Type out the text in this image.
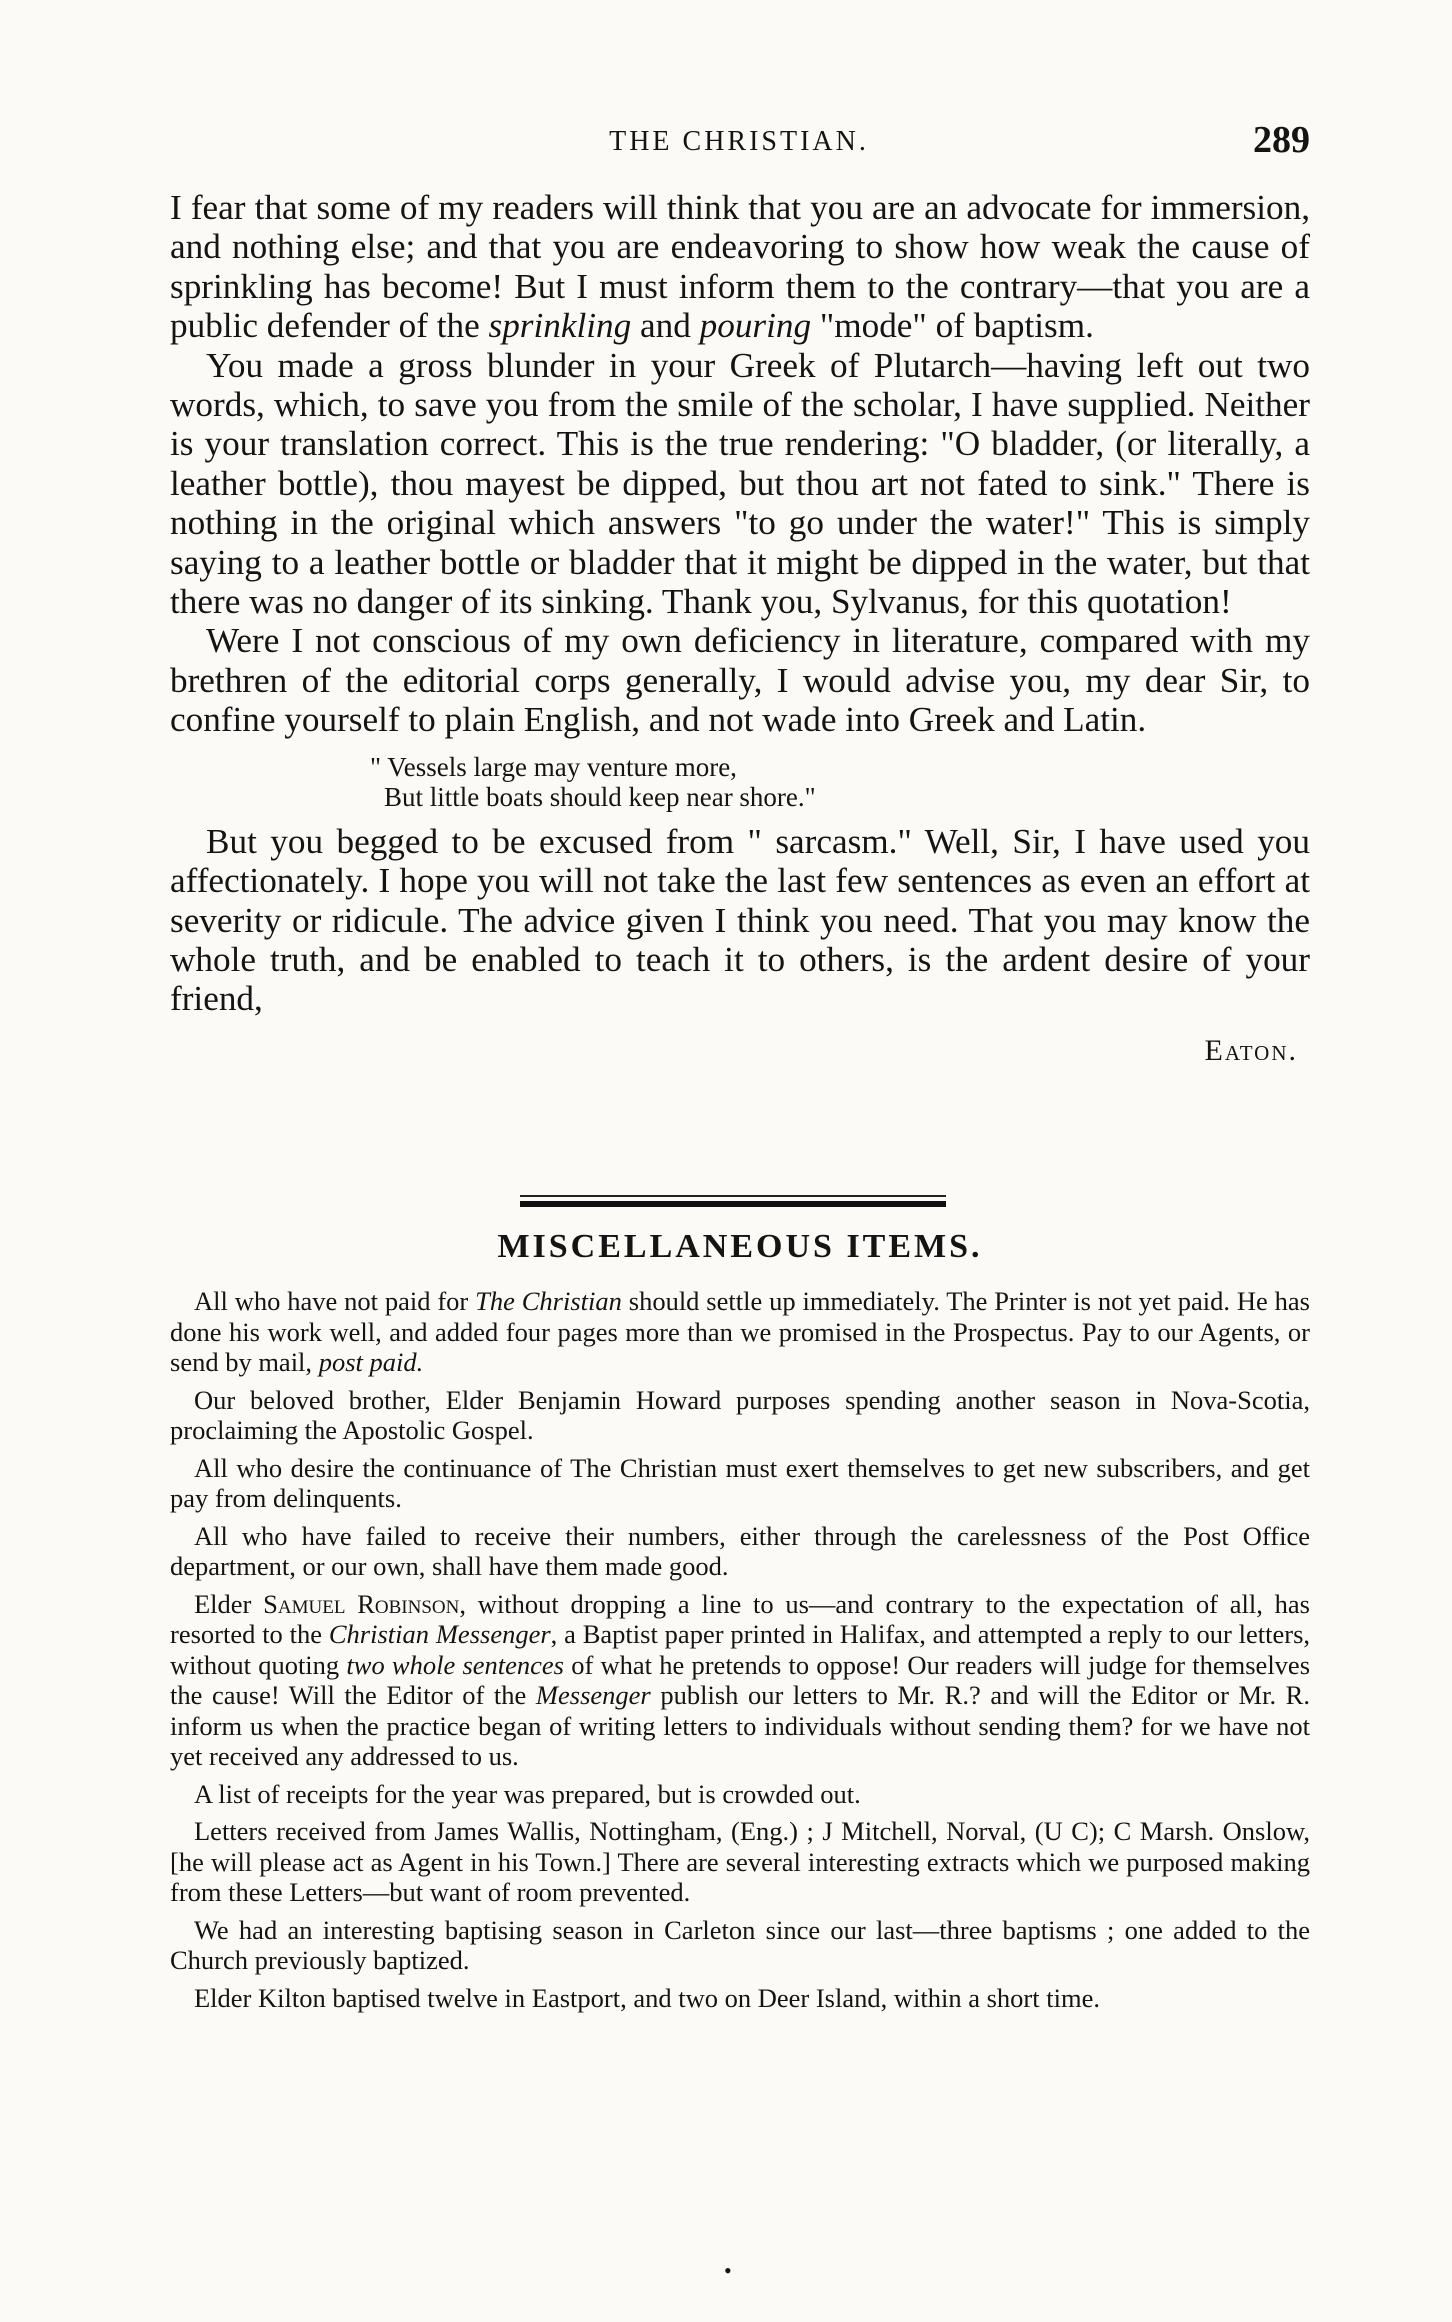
THE CHRISTIAN.	289

I fear that some of my readers will think that you are an advocate for immersion, and nothing else; and that you are endeavoring to show how weak the cause of sprinkling has become! But I must inform them to the contrary—that you are a public defender of the sprinkling and pouring "mode" of baptism.

You made a gross blunder in your Greek of Plutarch—having left out two words, which, to save you from the smile of the scholar, I have supplied. Neither is your translation correct. This is the true rendering: "O bladder, (or literally, a leather bottle), thou mayest be dipped, but thou art not fated to sink." There is nothing in the original which answers "to go under the water!" This is simply saying to a leather bottle or bladder that it might be dipped in the water, but that there was no danger of its sinking. Thank you, Sylvanus, for this quotation!

Were I not conscious of my own deficiency in literature, compared with my brethren of the editorial corps generally, I would advise you, my dear Sir, to confine yourself to plain English, and not wade into Greek and Latin.

" Vessels large may venture more,
But little boats should keep near shore."

But you begged to be excused from " sarcasm." Well, Sir, I have used you affectionately. I hope you will not take the last few sentences as even an effort at severity or ridicule. The advice given I think you need. That you may know the whole truth, and be enabled to teach it to others, is the ardent desire of your friend,

Eaton.
MISCELLANEOUS ITEMS.

All who have not paid for The Christian should settle up immediately. The Printer is not yet paid. He has done his work well, and added four pages more than we promised in the Prospectus. Pay to our Agents, or send by mail, post paid.

Our beloved brother, Elder Benjamin Howard purposes spending another season in Nova-Scotia, proclaiming the Apostolic Gospel.

All who desire the continuance of The Christian must exert themselves to get new subscribers, and get pay from delinquents.

All who have failed to receive their numbers, either through the carelessness of the Post Office department, or our own, shall have them made good.

Elder Samuel Robinson, without dropping a line to us—and contrary to the expectation of all, has resorted to the Christian Messenger, a Baptist paper printed in Halifax, and attempted a reply to our letters, without quoting two whole sentences of what he pretends to oppose! Our readers will judge for themselves the cause! Will the Editor of the Messenger publish our letters to Mr. R.? and will the Editor or Mr. R. inform us when the practice began of writing letters to individuals without sending them? for we have not yet received any addressed to us.

A list of receipts for the year was prepared, but is crowded out.

Letters received from James Wallis, Nottingham, (Eng.) ; J Mitchell, Norval, (U C); C Marsh. Onslow, [he will please act as Agent in his Town.] There are several interesting extracts which we purposed making from these Letters—but want of room prevented.

We had an interesting baptising season in Carleton since our last—three baptisms ; one added to the Church previously baptized.

Elder Kilton baptised twelve in Eastport, and two on Deer Island, within a short time.

•
